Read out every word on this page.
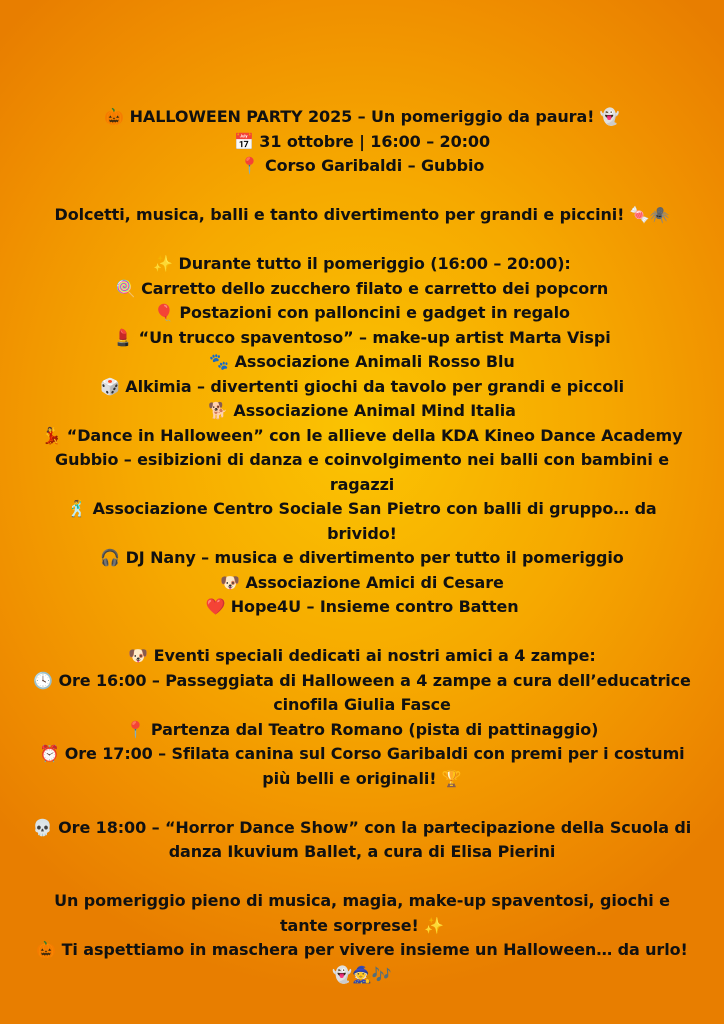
🎃 HALLOWEEN PARTY 2025 – Un pomeriggio da paura! 👻
📅 31 ottobre | 16:00 – 20:00
📍 Corso Garibaldi – Gubbio
Dolcetti, musica, balli e tanto divertimento per grandi e piccini! 🍬🕷️
✨ Durante tutto il pomeriggio (16:00 – 20:00):
🍭 Carretto dello zucchero filato e carretto dei popcorn
🎈 Postazioni con palloncini e gadget in regalo
💄 “Un trucco spaventoso” – make-up artist Marta Vispi
🐾 Associazione Animali Rosso Blu
🎲 Alkimia – divertenti giochi da tavolo per grandi e piccoli
🐕 Associazione Animal Mind Italia
💃 “Dance in Halloween” con le allieve della KDA Kineo Dance Academy Gubbio – esibizioni di danza e coinvolgimento nei balli con bambini e ragazzi
🕺 Associazione Centro Sociale San Pietro con balli di gruppo… da brivido!
🎧 DJ Nany – musica e divertimento per tutto il pomeriggio
🐶 Associazione Amici di Cesare
❤️ Hope4U – Insieme contro Batten
🐶 Eventi speciali dedicati ai nostri amici a 4 zampe:
🕓 Ore 16:00 – Passeggiata di Halloween a 4 zampe a cura dell’educatrice cinofila Giulia Fasce
📍 Partenza dal Teatro Romano (pista di pattinaggio)
⏰ Ore 17:00 – Sfilata canina sul Corso Garibaldi con premi per i costumi più belli e originali! 🏆
💀 Ore 18:00 – “Horror Dance Show” con la partecipazione della Scuola di danza Ikuvium Ballet, a cura di Elisa Pierini
Un pomeriggio pieno di musica, magia, make-up spaventosi, giochi e tante sorprese! ✨
🎃 Ti aspettiamo in maschera per vivere insieme un Halloween… da urlo!
👻🧙🎶
